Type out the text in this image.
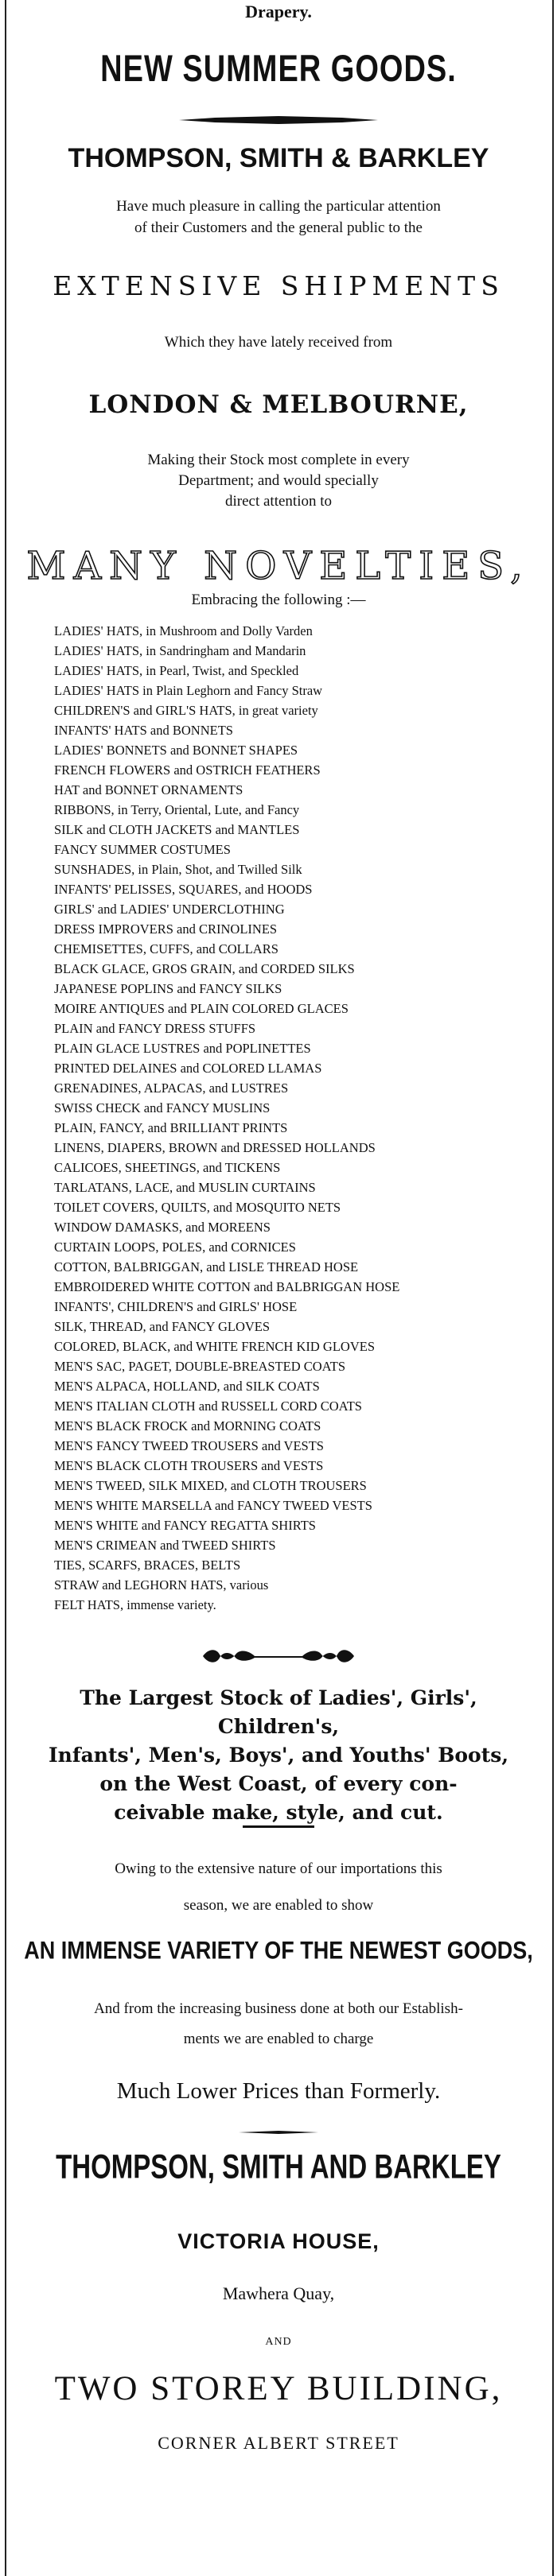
Drapery.
NEW SUMMER GOODS.
THOMPSON, SMITH & BARKLEY
Have much pleasure in calling the particular attention
of their Customers and the general public to the
EXTENSIVE SHIPMENTS
Which they have lately received from
LONDON & MELBOURNE,
Making their Stock most complete in every
Department; and would specially
direct attention to
MANY NOVELTIES,
Embracing the following :—
LADIES' HATS, in Mushroom and Dolly Varden
LADIES' HATS, in Sandringham and Mandarin
LADIES' HATS, in Pearl, Twist, and Speckled
LADIES' HATS in Plain Leghorn and Fancy Straw
CHILDREN'S and GIRL'S HATS, in great variety
INFANTS' HATS and BONNETS
LADIES' BONNETS and BONNET SHAPES
FRENCH FLOWERS and OSTRICH FEATHERS
HAT and BONNET ORNAMENTS
RIBBONS, in Terry, Oriental, Lute, and Fancy
SILK and CLOTH JACKETS and MANTLES
FANCY SUMMER COSTUMES
SUNSHADES, in Plain, Shot, and Twilled Silk
INFANTS' PELISSES, SQUARES, and HOODS
GIRLS' and LADIES' UNDERCLOTHING
DRESS IMPROVERS and CRINOLINES
CHEMISETTES, CUFFS, and COLLARS
BLACK GLACE, GROS GRAIN, and CORDED SILKS
JAPANESE POPLINS and FANCY SILKS
MOIRE ANTIQUES and PLAIN COLORED GLACES
PLAIN and FANCY DRESS STUFFS
PLAIN GLACE LUSTRES and POPLINETTES
PRINTED DELAINES and COLORED LLAMAS
GRENADINES, ALPACAS, and LUSTRES
SWISS CHECK and FANCY MUSLINS
PLAIN, FANCY, and BRILLIANT PRINTS
LINENS, DIAPERS, BROWN and DRESSED HOLLANDS
CALICOES, SHEETINGS, and TICKENS
TARLATANS, LACE, and MUSLIN CURTAINS
TOILET COVERS, QUILTS, and MOSQUITO NETS
WINDOW DAMASKS, and MOREENS
CURTAIN LOOPS, POLES, and CORNICES
COTTON, BALBRIGGAN, and LISLE THREAD HOSE
EMBROIDERED WHITE COTTON and BALBRIGGAN HOSE
INFANTS', CHILDREN'S and GIRLS' HOSE
SILK, THREAD, and FANCY GLOVES
COLORED, BLACK, and WHITE FRENCH KID GLOVES
MEN'S SAC, PAGET, DOUBLE-BREASTED COATS
MEN'S ALPACA, HOLLAND, and SILK COATS
MEN'S ITALIAN CLOTH and RUSSELL CORD COATS
MEN'S BLACK FROCK and MORNING COATS
MEN'S FANCY TWEED TROUSERS and VESTS
MEN'S BLACK CLOTH TROUSERS and VESTS
MEN'S TWEED, SILK MIXED, and CLOTH TROUSERS
MEN'S WHITE MARSELLA and FANCY TWEED VESTS
MEN'S WHITE and FANCY REGATTA SHIRTS
MEN'S CRIMEAN and TWEED SHIRTS
TIES, SCARFS, BRACES, BELTS
STRAW and LEGHORN HATS, various
FELT HATS, immense variety.
The Largest Stock of Ladies', Girls', Children's,
Infants', Men's, Boys', and Youths' Boots,
on the West Coast, of every con-
ceivable make, style, and cut.
Owing to the extensive nature of our importations this
season, we are enabled to show
AN IMMENSE VARIETY OF THE NEWEST GOODS,
And from the increasing business done at both our Establish-
ments we are enabled to charge
Much Lower Prices than Formerly.
THOMPSON, SMITH AND BARKLEY
VICTORIA HOUSE,
Mawhera Quay,
AND
TWO STOREY BUILDING,
CORNER ALBERT STREET
